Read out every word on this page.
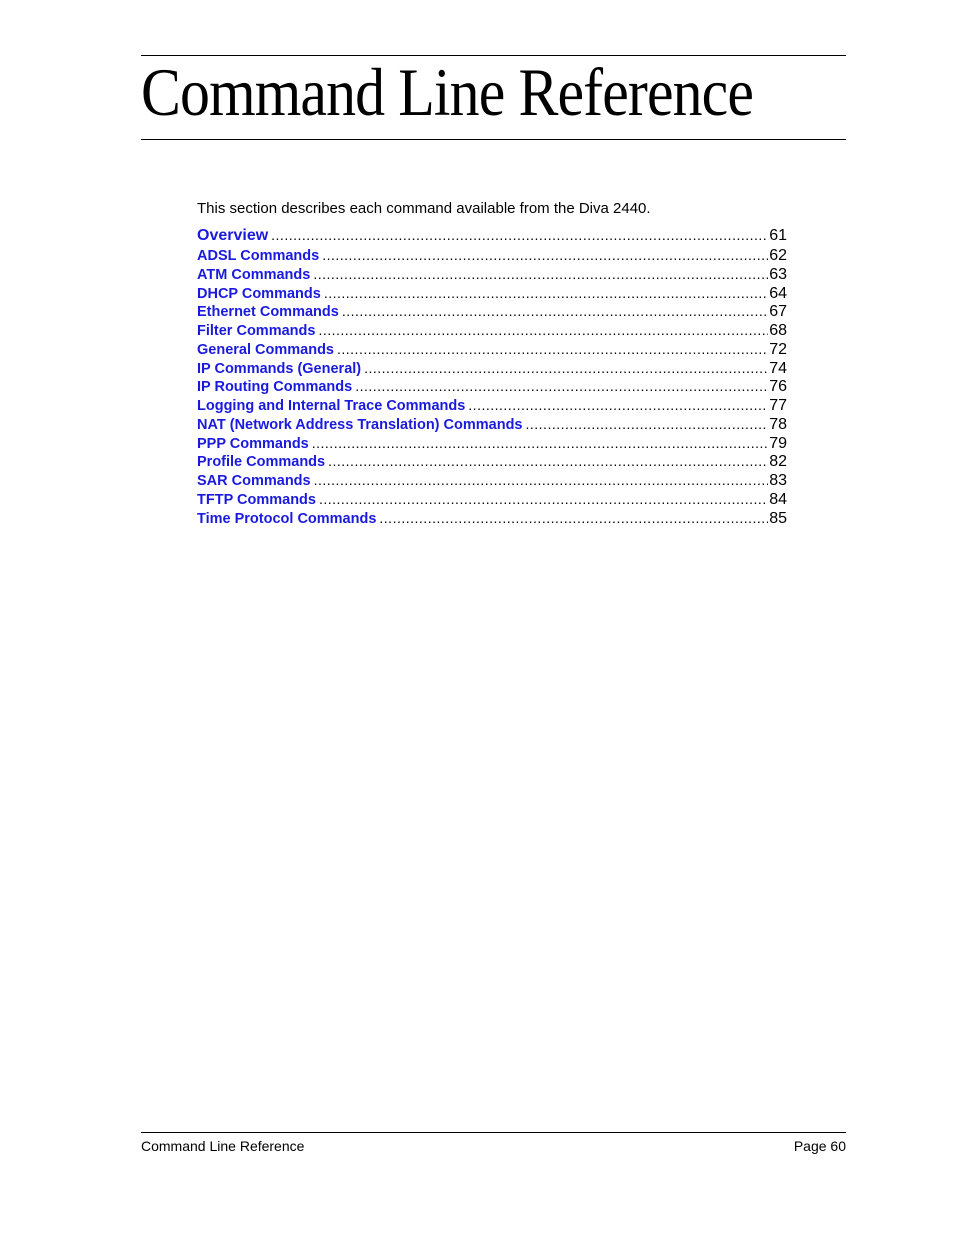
Command Line Reference

This section describes each command available from the Diva 2440.

Overview .....	61
ADSL Commands .....	62
ATM Commands .....	63
DHCP Commands .....	64
Ethernet Commands .....	67
Filter Commands .....	68
General Commands .....	72
IP Commands (General) .....	74
IP Routing Commands .....	76
Logging and Internal Trace Commands .....	77
NAT (Network Address Translation) Commands .....	78
PPP Commands .....	79
Profile Commands .....	82
SAR Commands .....	83
TFTP Commands .....	84
Time Protocol Commands .....	85
Command Line Reference	Page 60
